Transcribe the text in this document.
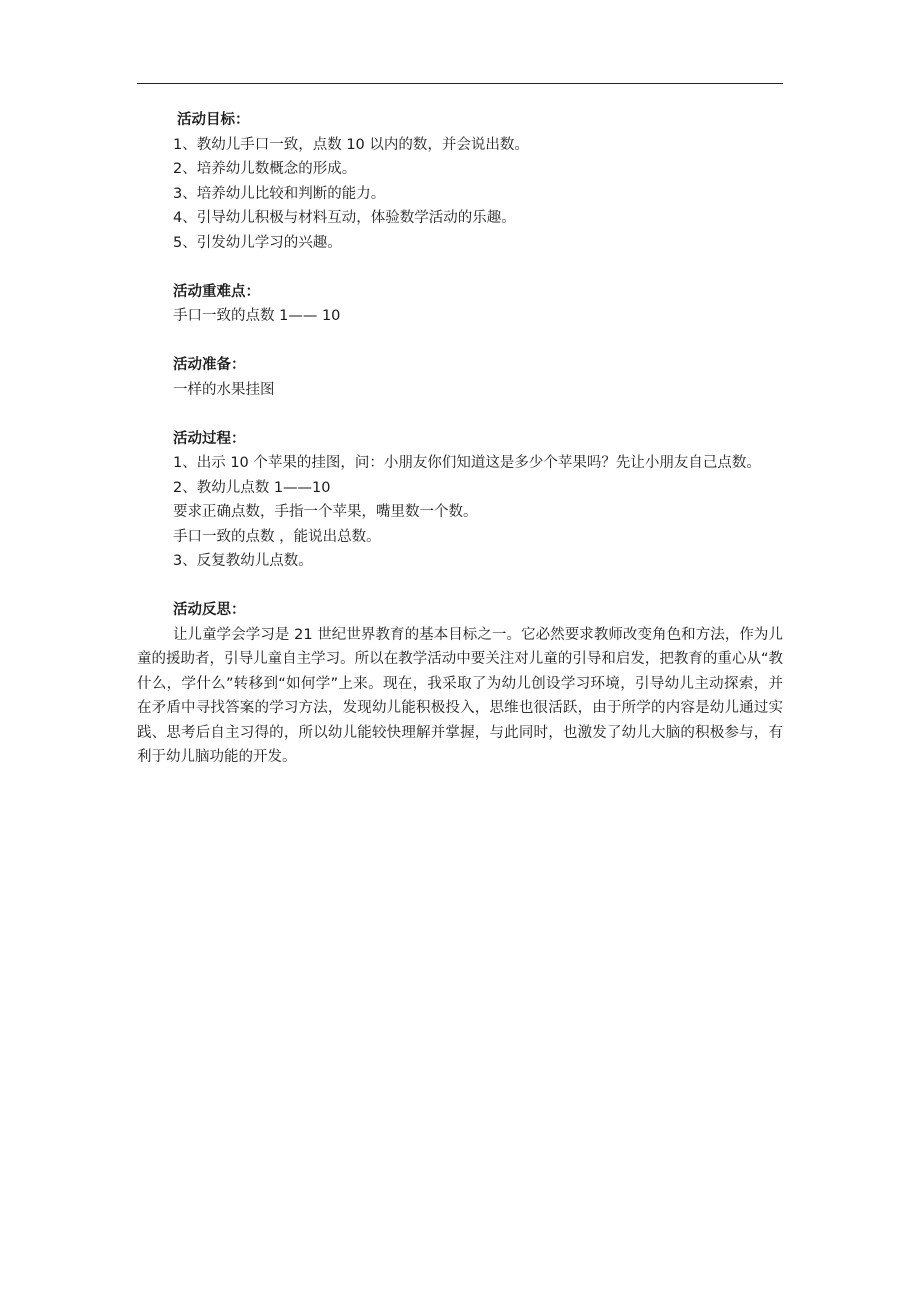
活动目标：

1、教幼儿手口一致，点数 10 以内的数，并会说出数。

2、培养幼儿数概念的形成。

3、培养幼儿比较和判断的能力。

4、引导幼儿积极与材料互动，体验数学活动的乐趣。

5、引发幼儿学习的兴趣。

活动重难点：

手口一致的点数 1—— 10

活动准备：

一样的水果挂图

活动过程：

1、出示 10 个苹果的挂图，问：小朋友你们知道这是多少个苹果吗？先让小朋友自己点数。

2、教幼儿点数 1——10

要求正确点数，手指一个苹果，嘴里数一个数。

手口一致的点数 ，能说出总数。

3、反复教幼儿点数。

活动反思：

让儿童学会学习是 21 世纪世界教育的基本目标之一。它必然要求教师改变角色和方法，作为儿童的援助者，引导儿童自主学习。所以在教学活动中要关注对儿童的引导和启发，把教育的重心从“教什么，学什么”转移到“如何学”上来。现在，我采取了为幼儿创设学习环境，引导幼儿主动探索，并在矛盾中寻找答案的学习方法，发现幼儿能积极投入，思维也很活跃，由于所学的内容是幼儿通过实践、思考后自主习得的，所以幼儿能较快理解并掌握，与此同时，也激发了幼儿大脑的积极参与，有利于幼儿脑功能的开发。
